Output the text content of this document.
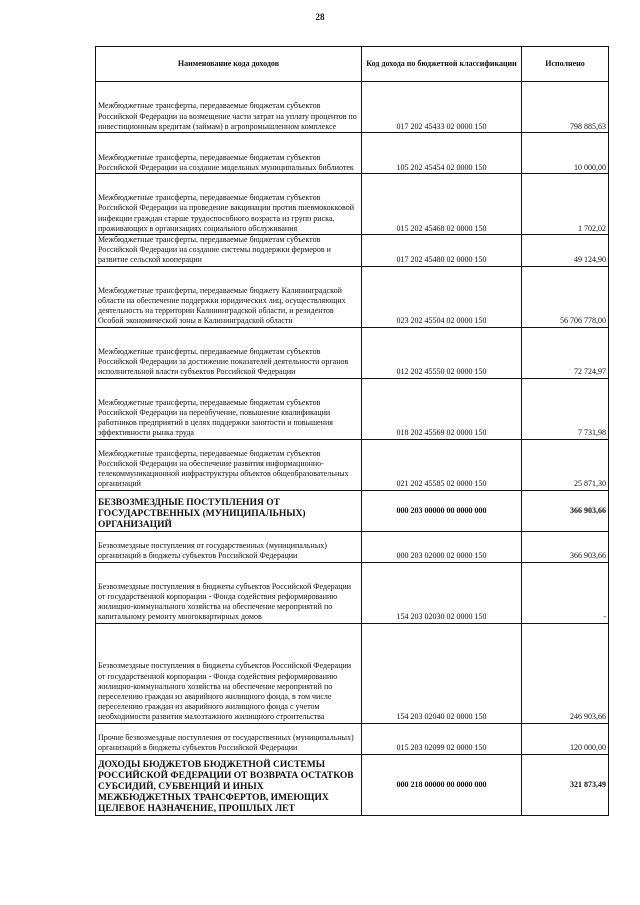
28
Наименование кода доходов	Код дохода по бюджетной классификации	Исполнено
Межбюджетные трансферты, передаваемые бюджетам субъектов Российской Федерации на возмещение части затрат на уплату процентов по инвестиционным кредитам (займам) в агропромышленном комплексе	017 202 45433 02 0000 150	798 885,63
Межбюджетные трансферты, передаваемые бюджетам субъектов Российской Федерации на создание модельных муниципальных библиотек	105 202 45454 02 0000 150	10 000,00
Межбюджетные трансферты, передаваемые бюджетам субъектов Российской Федерации на проведение вакцинации против пневмококковой инфекции граждан старше трудоспособного возраста из групп риска, проживающих в организациях социального обслуживания	015 202 45468 02 0000 150	1 702,02
Межбюджетные трансферты, передаваемые бюджетам субъектов Российской Федерации на создание системы поддержки фермеров и развитие сельской кооперации	017 202 45480 02 0000 150	49 124,90
Межбюджетные трансферты, передаваемые бюджету Калининградской области на обеспечение поддержки юридических лиц, осуществляющих деятельность на территории Калининградской области, и резидентов Особой экономической зоны в Калининградской области	023 202 45504 02 0000 150	56 706 778,00
Межбюджетные трансферты, передаваемые бюджетам субъектов Российской Федерации за достижение показателей деятельности органов исполнительной власти субъектов Российской Федерации	012 202 45550 02 0000 150	72 724,97
Межбюджетные трансферты, передаваемые бюджетам субъектов Российской Федерации на переобучение, повышение квалификации работников предприятий в целях поддержки занятости и повышения эффективности рынка труда	018 202 45569 02 0000 150	7 731,98
Межбюджетные трансферты, передаваемые бюджетам субъектов Российской Федерации на обеспечение развития информационно-телекоммуникационной инфраструктуры объектов общеобразовательных организаций	021 202 45585 02 0000 150	25 871,30
БЕЗВОЗМЕЗДНЫЕ ПОСТУПЛЕНИЯ ОТ ГОСУДАРСТВЕННЫХ (МУНИЦИПАЛЬНЫХ) ОРГАНИЗАЦИЙ	000 203 00000 00 0000 000	366 903,66
Безвозмездные поступления от государственных (муниципальных) организаций в бюджеты субъектов Российской Федерации	000 203 02000 02 0000 150	366 903,66
Безвозмездные поступления в бюджеты субъектов Российской Федерации от государственной корпорации - Фонда содействия реформированию жилищно-коммунального хозяйства на обеспечение мероприятий по капитальному ремонту многоквартирных домов	154 203 02030 02 0000 150	-
Безвозмездные поступления в бюджеты субъектов Российской Федерации от государственной корпорации - Фонда содействия реформированию жилищно-коммунального хозяйства на обеспечение мероприятий по переселению граждан из аварийного жилищного фонда, в том числе переселению граждан из аварийного жилищного фонда с учетом необходимости развития малоэтажного жилищного строительства	154 203 02040 02 0000 150	246 903,66
Прочие безвозмездные поступления от государственных (муниципальных) организаций в бюджеты субъектов Российской Федерации	015 203 02099 02 0000 150	120 000,00
ДОХОДЫ БЮДЖЕТОВ БЮДЖЕТНОЙ СИСТЕМЫ РОССИЙСКОЙ ФЕДЕРАЦИИ ОТ ВОЗВРАТА ОСТАТКОВ СУБСИДИЙ, СУБВЕНЦИЙ И ИНЫХ МЕЖБЮДЖЕТНЫХ ТРАНСФЕРТОВ, ИМЕЮЩИХ ЦЕЛЕВОЕ НАЗНАЧЕНИЕ, ПРОШЛЫХ ЛЕТ	000 218 00000 00 0000 000	321 873,49
